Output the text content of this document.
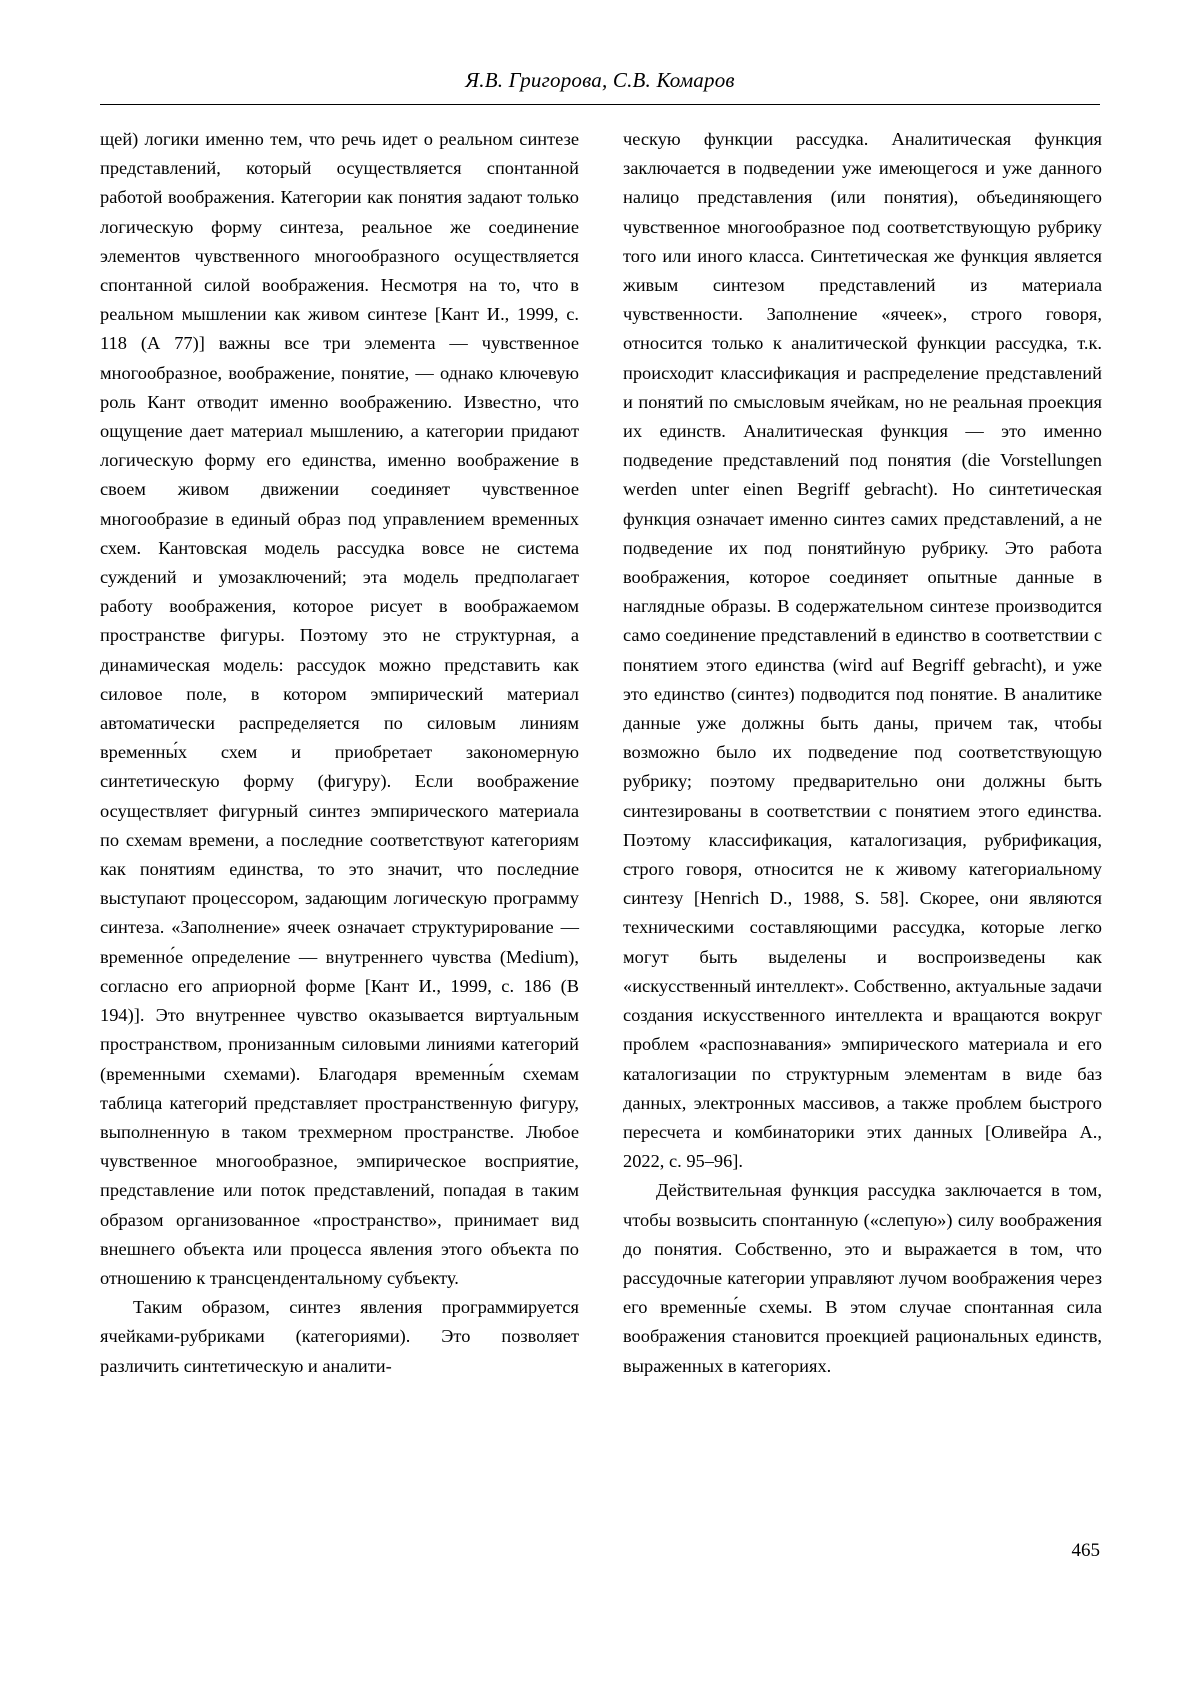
Я.В. Григорова, С.В. Комаров

щей) логики именно тем, что речь идет о реальном синтезе представлений, который осуществляется спонтанной работой воображения. Категории как понятия задают только логическую форму синтеза, реальное же соединение элементов чувственного многообразного осуществляется спонтанной силой воображения. Несмотря на то, что в реальном мышлении как живом синтезе [Кант И., 1999, с. 118 (А 77)] важны все три элемента — чувственное многообразное, воображение, понятие, — однако ключевую роль Кант отводит именно воображению. Известно, что ощущение дает материал мышлению, а категории придают логическую форму его единства, именно воображение в своем живом движении соединяет чувственное многообразие в единый образ под управлением временных схем. Кантовская модель рассудка вовсе не система суждений и умозаключений; эта модель предполагает работу воображения, которое рисует в воображаемом пространстве фигуры. Поэтому это не структурная, а динамическая модель: рассудок можно представить как силовое поле, в котором эмпирический материал автоматически распределяется по силовым линиям временны́х схем и приобретает закономерную синтетическую форму (фигуру). Если воображение осуществляет фигурный синтез эмпирического материала по схемам времени, а последние соответствуют категориям как понятиям единства, то это значит, что последние выступают процессором, задающим логическую программу синтеза. «Заполнение» ячеек означает структурирование — временно́е определение — внутреннего чувства (Medium), согласно его априорной форме [Кант И., 1999, с. 186 (В 194)]. Это внутреннее чувство оказывается виртуальным пространством, пронизанным силовыми линиями категорий (временными схемами). Благодаря временны́м схемам таблица категорий представляет пространственную фигуру, выполненную в таком трехмерном пространстве. Любое чувственное многообразное, эмпирическое восприятие, представление или поток представлений, попадая в таким образом организованное «пространство», принимает вид внешнего объекта или процесса явления этого объекта по отношению к трансцендентальному субъекту.

Таким образом, синтез явления программируется ячейками-рубриками (категориями). Это позволяет различить синтетическую и аналити-

ческую функции рассудка. Аналитическая функция заключается в подведении уже имеющегося и уже данного налицо представления (или понятия), объединяющего чувственное многообразное под соответствующую рубрику того или иного класса. Синтетическая же функция является живым синтезом представлений из материала чувственности. Заполнение «ячеек», строго говоря, относится только к аналитической функции рассудка, т.к. происходит классификация и распределение представлений и понятий по смысловым ячейкам, но не реальная проекция их единств. Аналитическая функция — это именно подведение представлений под понятия (die Vorstellungen werden unter einen Begriff gebracht). Но синтетическая функция означает именно синтез самих представлений, а не подведение их под понятийную рубрику. Это работа воображения, которое соединяет опытные данные в наглядные образы. В содержательном синтезе производится само соединение представлений в единство в соответствии с понятием этого единства (wird auf Begriff gebracht), и уже это единство (синтез) подводится под понятие. В аналитике данные уже должны быть даны, причем так, чтобы возможно было их подведение под соответствующую рубрику; поэтому предварительно они должны быть синтезированы в соответствии с понятием этого единства. Поэтому классификация, каталогизация, рубрификация, строго говоря, относится не к живому категориальному синтезу [Henrich D., 1988, S. 58]. Скорее, они являются техническими составляющими рассудка, которые легко могут быть выделены и воспроизведены как «искусственный интеллект». Собственно, актуальные задачи создания искусственного интеллекта и вращаются вокруг проблем «распознавания» эмпирического материала и его каталогизации по структурным элементам в виде баз данных, электронных массивов, а также проблем быстрого пересчета и комбинаторики этих данных [Оливейра А., 2022, с. 95–96].

Действительная функция рассудка заключается в том, чтобы возвысить спонтанную («слепую») силу воображения до понятия. Собственно, это и выражается в том, что рассудочные категории управляют лучом воображения через его временны́е схемы. В этом случае спонтанная сила воображения становится проекцией рациональных единств, выраженных в категориях.

465
